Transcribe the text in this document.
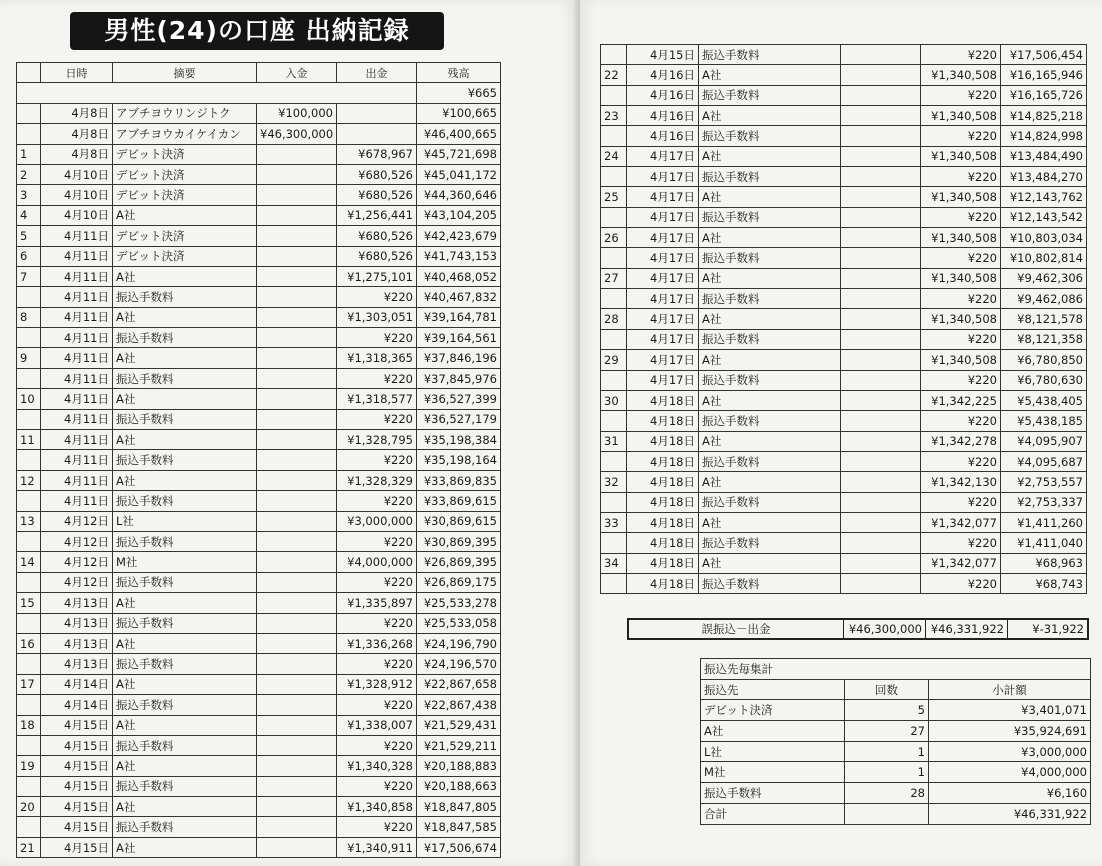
男性(24)の口座 出納記録
	日時	摘要	入金	出金	残高
					¥665
	4月8日	アブチヨウリンジトク	¥100,000		¥100,665
	4月8日	アブチヨウカイケイカン	¥46,300,000		¥46,400,665
1	4月8日	デビット決済		¥678,967	¥45,721,698
2	4月10日	デビット決済		¥680,526	¥45,041,172
3	4月10日	デビット決済		¥680,526	¥44,360,646
4	4月10日	A社		¥1,256,441	¥43,104,205
5	4月11日	デビット決済		¥680,526	¥42,423,679
6	4月11日	デビット決済		¥680,526	¥41,743,153
7	4月11日	A社		¥1,275,101	¥40,468,052
	4月11日	振込手数料		¥220	¥40,467,832
8	4月11日	A社		¥1,303,051	¥39,164,781
	4月11日	振込手数料		¥220	¥39,164,561
9	4月11日	A社		¥1,318,365	¥37,846,196
	4月11日	振込手数料		¥220	¥37,845,976
10	4月11日	A社		¥1,318,577	¥36,527,399
	4月11日	振込手数料		¥220	¥36,527,179
11	4月11日	A社		¥1,328,795	¥35,198,384
	4月11日	振込手数料		¥220	¥35,198,164
12	4月11日	A社		¥1,328,329	¥33,869,835
	4月11日	振込手数料		¥220	¥33,869,615
13	4月12日	L社		¥3,000,000	¥30,869,615
	4月12日	振込手数料		¥220	¥30,869,395
14	4月12日	M社		¥4,000,000	¥26,869,395
	4月12日	振込手数料		¥220	¥26,869,175
15	4月13日	A社		¥1,335,897	¥25,533,278
	4月13日	振込手数料		¥220	¥25,533,058
16	4月13日	A社		¥1,336,268	¥24,196,790
	4月13日	振込手数料		¥220	¥24,196,570
17	4月14日	A社		¥1,328,912	¥22,867,658
	4月14日	振込手数料		¥220	¥22,867,438
18	4月15日	A社		¥1,338,007	¥21,529,431
	4月15日	振込手数料		¥220	¥21,529,211
19	4月15日	A社		¥1,340,328	¥20,188,883
	4月15日	振込手数料		¥220	¥20,188,663
20	4月15日	A社		¥1,340,858	¥18,847,805
	4月15日	振込手数料		¥220	¥18,847,585
21	4月15日	A社		¥1,340,911	¥17,506,674
	4月15日	振込手数料		¥220	¥17,506,454
22	4月16日	A社		¥1,340,508	¥16,165,946
	4月16日	振込手数料		¥220	¥16,165,726
23	4月16日	A社		¥1,340,508	¥14,825,218
	4月16日	振込手数料		¥220	¥14,824,998
24	4月17日	A社		¥1,340,508	¥13,484,490
	4月17日	振込手数料		¥220	¥13,484,270
25	4月17日	A社		¥1,340,508	¥12,143,762
	4月17日	振込手数料		¥220	¥12,143,542
26	4月17日	A社		¥1,340,508	¥10,803,034
	4月17日	振込手数料		¥220	¥10,802,814
27	4月17日	A社		¥1,340,508	¥9,462,306
	4月17日	振込手数料		¥220	¥9,462,086
28	4月17日	A社		¥1,340,508	¥8,121,578
	4月17日	振込手数料		¥220	¥8,121,358
29	4月17日	A社		¥1,340,508	¥6,780,850
	4月17日	振込手数料		¥220	¥6,780,630
30	4月18日	A社		¥1,342,225	¥5,438,405
	4月18日	振込手数料		¥220	¥5,438,185
31	4月18日	A社		¥1,342,278	¥4,095,907
	4月18日	振込手数料		¥220	¥4,095,687
32	4月18日	A社		¥1,342,130	¥2,753,557
	4月18日	振込手数料		¥220	¥2,753,337
33	4月18日	A社		¥1,342,077	¥1,411,260
	4月18日	振込手数料		¥220	¥1,411,040
34	4月18日	A社		¥1,342,077	¥68,963
	4月18日	振込手数料		¥220	¥68,743
誤振込－出金	¥46,300,000 ¥46,331,922	¥-31,922
振込先毎集計		
振込先	回数	小計額
デビット決済	5	¥3,401,071
A社	27	¥35,924,691
L社	1	¥3,000,000
M社	1	¥4,000,000
振込手数料	28	¥6,160
合計		¥46,331,922
